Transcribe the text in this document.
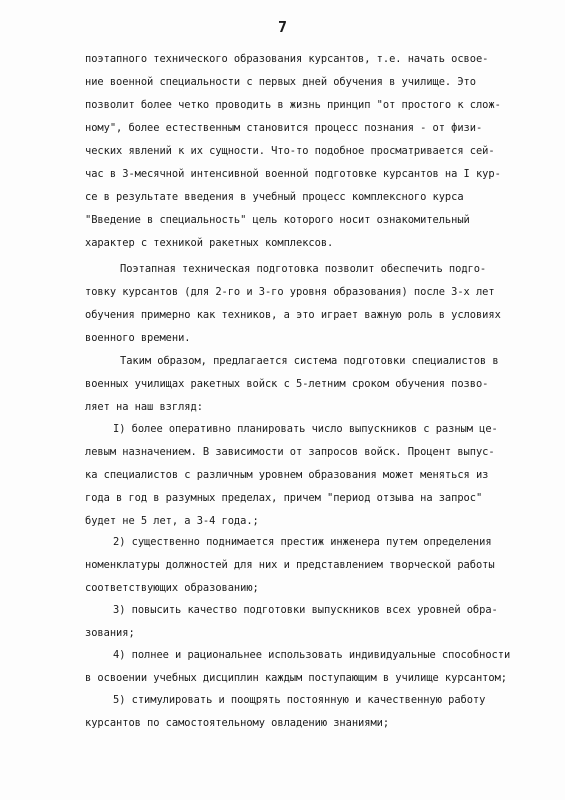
7
поэтапного технического образования курсантов, т.е. начать освое-
ние военной специальности с первых дней обучения в училище. Это
позволит более четко проводить в жизнь принцип "от простого к слож-
ному", более естественным становится процесс познания - от физи-
ческих явлений к их сущности. Что-то подобное просматривается сей-
час в 3-месячной интенсивной военной подготовке курсантов на I кур-
се в результате введения в учебный процесс комплексного курса
"Введение в специальность" цель которого носит ознакомительный
характер с техникой ракетных комплексов.
Поэтапная техническая подготовка позволит обеспечить подго-
товку курсантов (для 2-го и 3-го уровня образования) после 3-х лет
обучения примерно как техников, а это играет важную роль в условиях
военного времени.
Таким образом, предлагается система подготовки специалистов в
военных училищах ракетных войск с 5-летним сроком обучения позво-
ляет на наш взгляд:
I) более оперативно планировать число выпускников с разным це-
левым назначением. В зависимости от запросов войск. Процент выпус-
ка специалистов с различным уровнем образования может меняться из
года в год в разумных пределах, причем "период отзыва на запрос"
будет не 5 лет, а 3-4 года.;
2) существенно поднимается престиж инженера путем определения
номенклатуры должностей для них и представлением творческой работы
соответствующих образованию;
3) повысить качество подготовки выпускников всех уровней обра-
зования;
4) полнее и рациональнее использовать индивидуальные способности
в освоении учебных дисциплин каждым поступающим в училище курсантом;
5) стимулировать и поощрять постоянную и качественную работу
курсантов по самостоятельному овладению знаниями;
